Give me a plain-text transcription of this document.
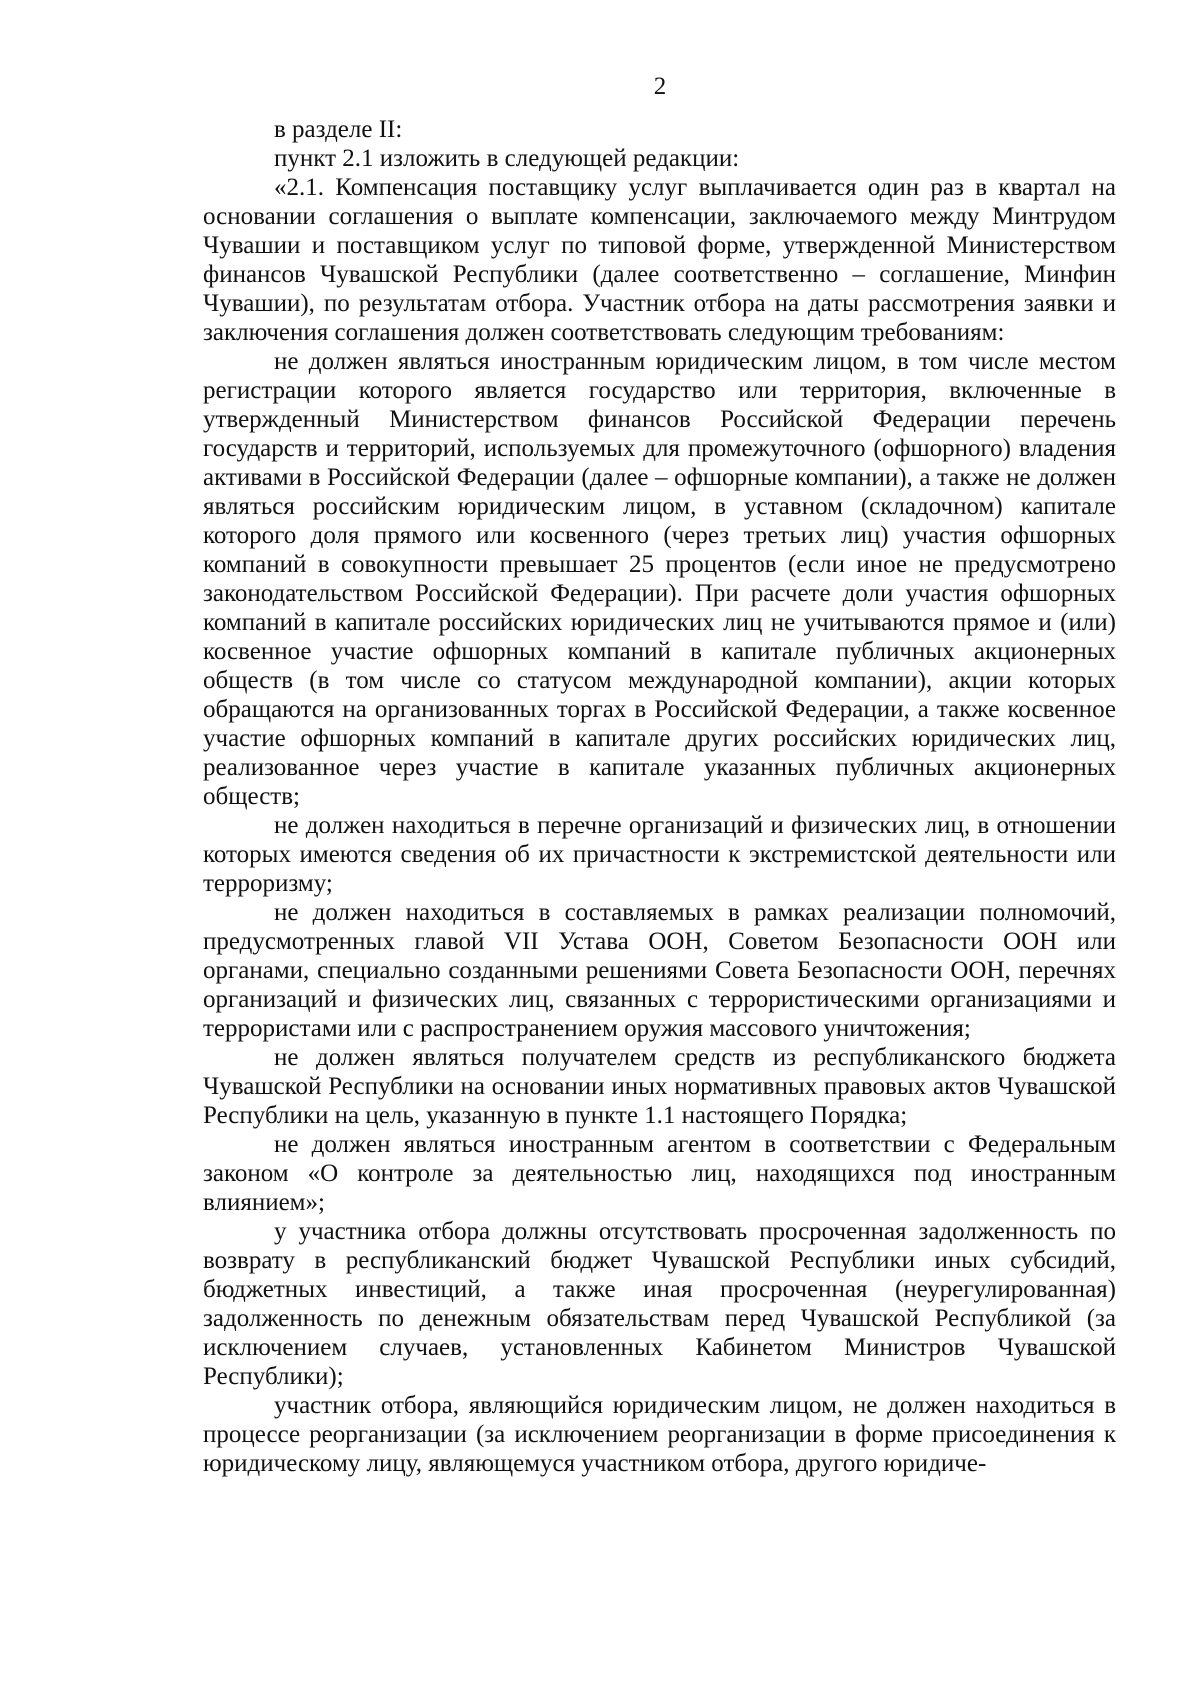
2

в разделе II:

пункт 2.1 изложить в следующей редакции:

«2.1. Компенсация поставщику услуг выплачивается один раз в квартал на основании соглашения о выплате компенсации, заключаемого между Минтрудом Чувашии и поставщиком услуг по типовой форме, утвержденной Министерством финансов Чувашской Республики (далее соответственно – соглашение, Минфин Чувашии), по результатам отбора. Участник отбора на даты рассмотрения заявки и заключения соглашения должен соответствовать следующим требованиям:

не должен являться иностранным юридическим лицом, в том числе местом регистрации которого является государство или территория, включенные в утвержденный Министерством финансов Российской Федерации перечень государств и территорий, используемых для промежуточного (офшорного) владения активами в Российской Федерации (далее – офшорные компании), а также не должен являться российским юридическим лицом, в уставном (складочном) капитале которого доля прямого или косвенного (через третьих лиц) участия офшорных компаний в совокупности превышает 25 процентов (если иное не предусмотрено законодательством Российской Федерации). При расчете доли участия офшорных компаний в капитале российских юридических лиц не учитываются прямое и (или) косвенное участие офшорных компаний в капитале публичных акционерных обществ (в том числе со статусом международной компании), акции которых обращаются на организованных торгах в Российской Федерации, а также косвенное участие офшорных компаний в капитале других российских юридических лиц, реализованное через участие в капитале указанных публичных акционерных обществ;

не должен находиться в перечне организаций и физических лиц, в отношении которых имеются сведения об их причастности к экстремистской деятельности или терроризму;

не должен находиться в составляемых в рамках реализации полномочий, предусмотренных главой VII Устава ООН, Советом Безопасности ООН или органами, специально созданными решениями Совета Безопасности ООН, перечнях организаций и физических лиц, связанных с террористическими организациями и террористами или с распространением оружия массового уничтожения;

не должен являться получателем средств из республиканского бюджета Чувашской Республики на основании иных нормативных правовых актов Чувашской Республики на цель, указанную в пункте 1.1 настоящего Порядка;

не должен являться иностранным агентом в соответствии с Федеральным законом «О контроле за деятельностью лиц, находящихся под иностранным влиянием»;

у участника отбора должны отсутствовать просроченная задолженность по возврату в республиканский бюджет Чувашской Республики иных субсидий, бюджетных инвестиций, а также иная просроченная (неурегулированная) задолженность по денежным обязательствам перед Чувашской Республикой (за исключением случаев, установленных Кабинетом Министров Чувашской Республики);

участник отбора, являющийся юридическим лицом, не должен находиться в процессе реорганизации (за исключением реорганизации в форме присоединения к юридическому лицу, являющемуся участником отбора, другого юридиче-
